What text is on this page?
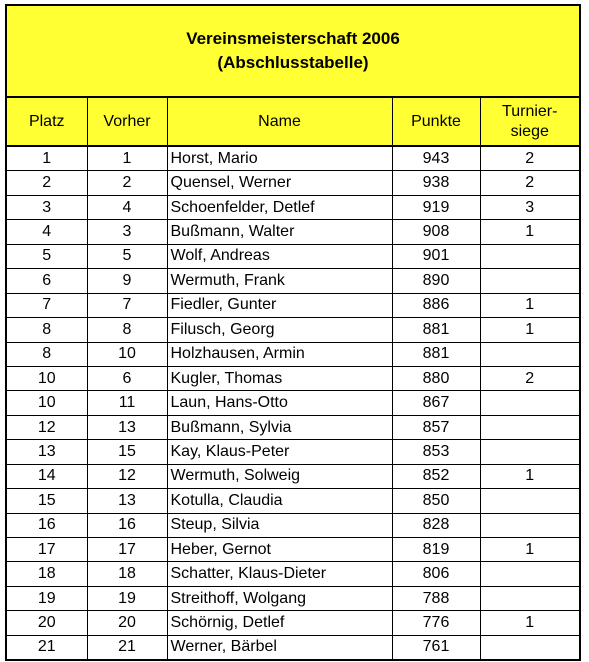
Vereinsmeisterschaft 2006
(Abschlusstabelle)
Platz	Vorher	Name	Punkte	Turnier-
siege

1	1	Horst, Mario	943	2
2	2	Quensel, Werner	938	2
3	4	Schoenfelder, Detlef	919	3
4	3	Bußmann, Walter	908	1
5	5	Wolf, Andreas	901	
6	9	Wermuth, Frank	890	
7	7	Fiedler, Gunter	886	1
8	8	Filusch, Georg	881	1
8	10	Holzhausen, Armin	881	
10	6	Kugler, Thomas	880	2
10	11	Laun, Hans-Otto	867	
12	13	Bußmann, Sylvia	857	
13	15	Kay, Klaus-Peter	853	
14	12	Wermuth, Solweig	852	1
15	13	Kotulla, Claudia	850	
16	16	Steup, Silvia	828	
17	17	Heber, Gernot	819	1
18	18	Schatter, Klaus-Dieter	806	
19	19	Streithoff, Wolgang	788	
20	20	Schörnig, Detlef	776	1
21	21	Werner, Bärbel	761	
